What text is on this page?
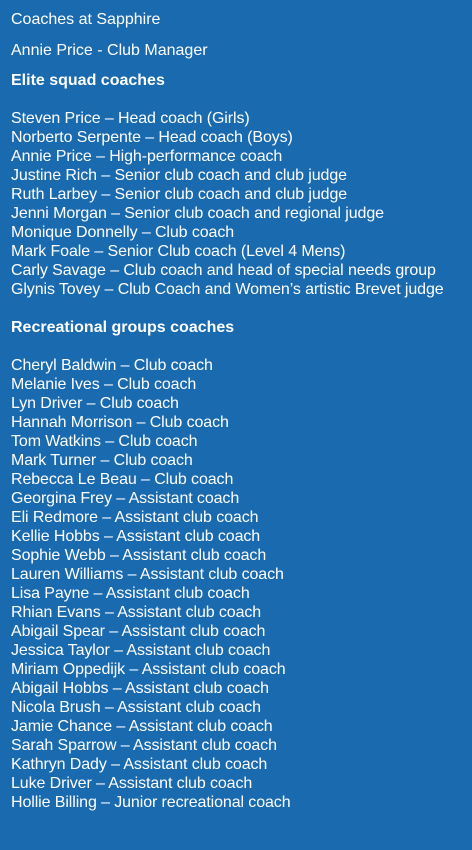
Coaches at Sapphire
Annie Price - Club Manager
Elite squad coaches
Steven Price – Head coach (Girls)
Norberto Serpente – Head coach (Boys)
Annie Price – High-performance coach
Justine Rich – Senior club coach and club judge
Ruth Larbey – Senior club coach and club judge
Jenni Morgan – Senior club coach and regional judge
Monique Donnelly – Club coach
Mark Foale – Senior Club coach (Level 4 Mens)
Carly Savage – Club coach and head of special needs group
Glynis Tovey – Club Coach and Women’s artistic Brevet judge
Recreational groups coaches
Cheryl Baldwin – Club coach
Melanie Ives – Club coach
Lyn Driver – Club coach
Hannah Morrison – Club coach
Tom Watkins – Club coach
Mark Turner – Club coach
Rebecca Le Beau – Club coach
Georgina Frey – Assistant coach
Eli Redmore – Assistant club coach
Kellie Hobbs – Assistant club coach
Sophie Webb – Assistant club coach
Lauren Williams – Assistant club coach
Lisa Payne – Assistant club coach
Rhian Evans – Assistant club coach
Abigail Spear – Assistant club coach
Jessica Taylor – Assistant club coach
Miriam Oppedijk – Assistant club coach
Abigail Hobbs – Assistant club coach
Nicola Brush – Assistant club coach
Jamie Chance – Assistant club coach
Sarah Sparrow – Assistant club coach
Kathryn Dady – Assistant club coach
Luke Driver – Assistant club coach
Hollie Billing – Junior recreational coach
